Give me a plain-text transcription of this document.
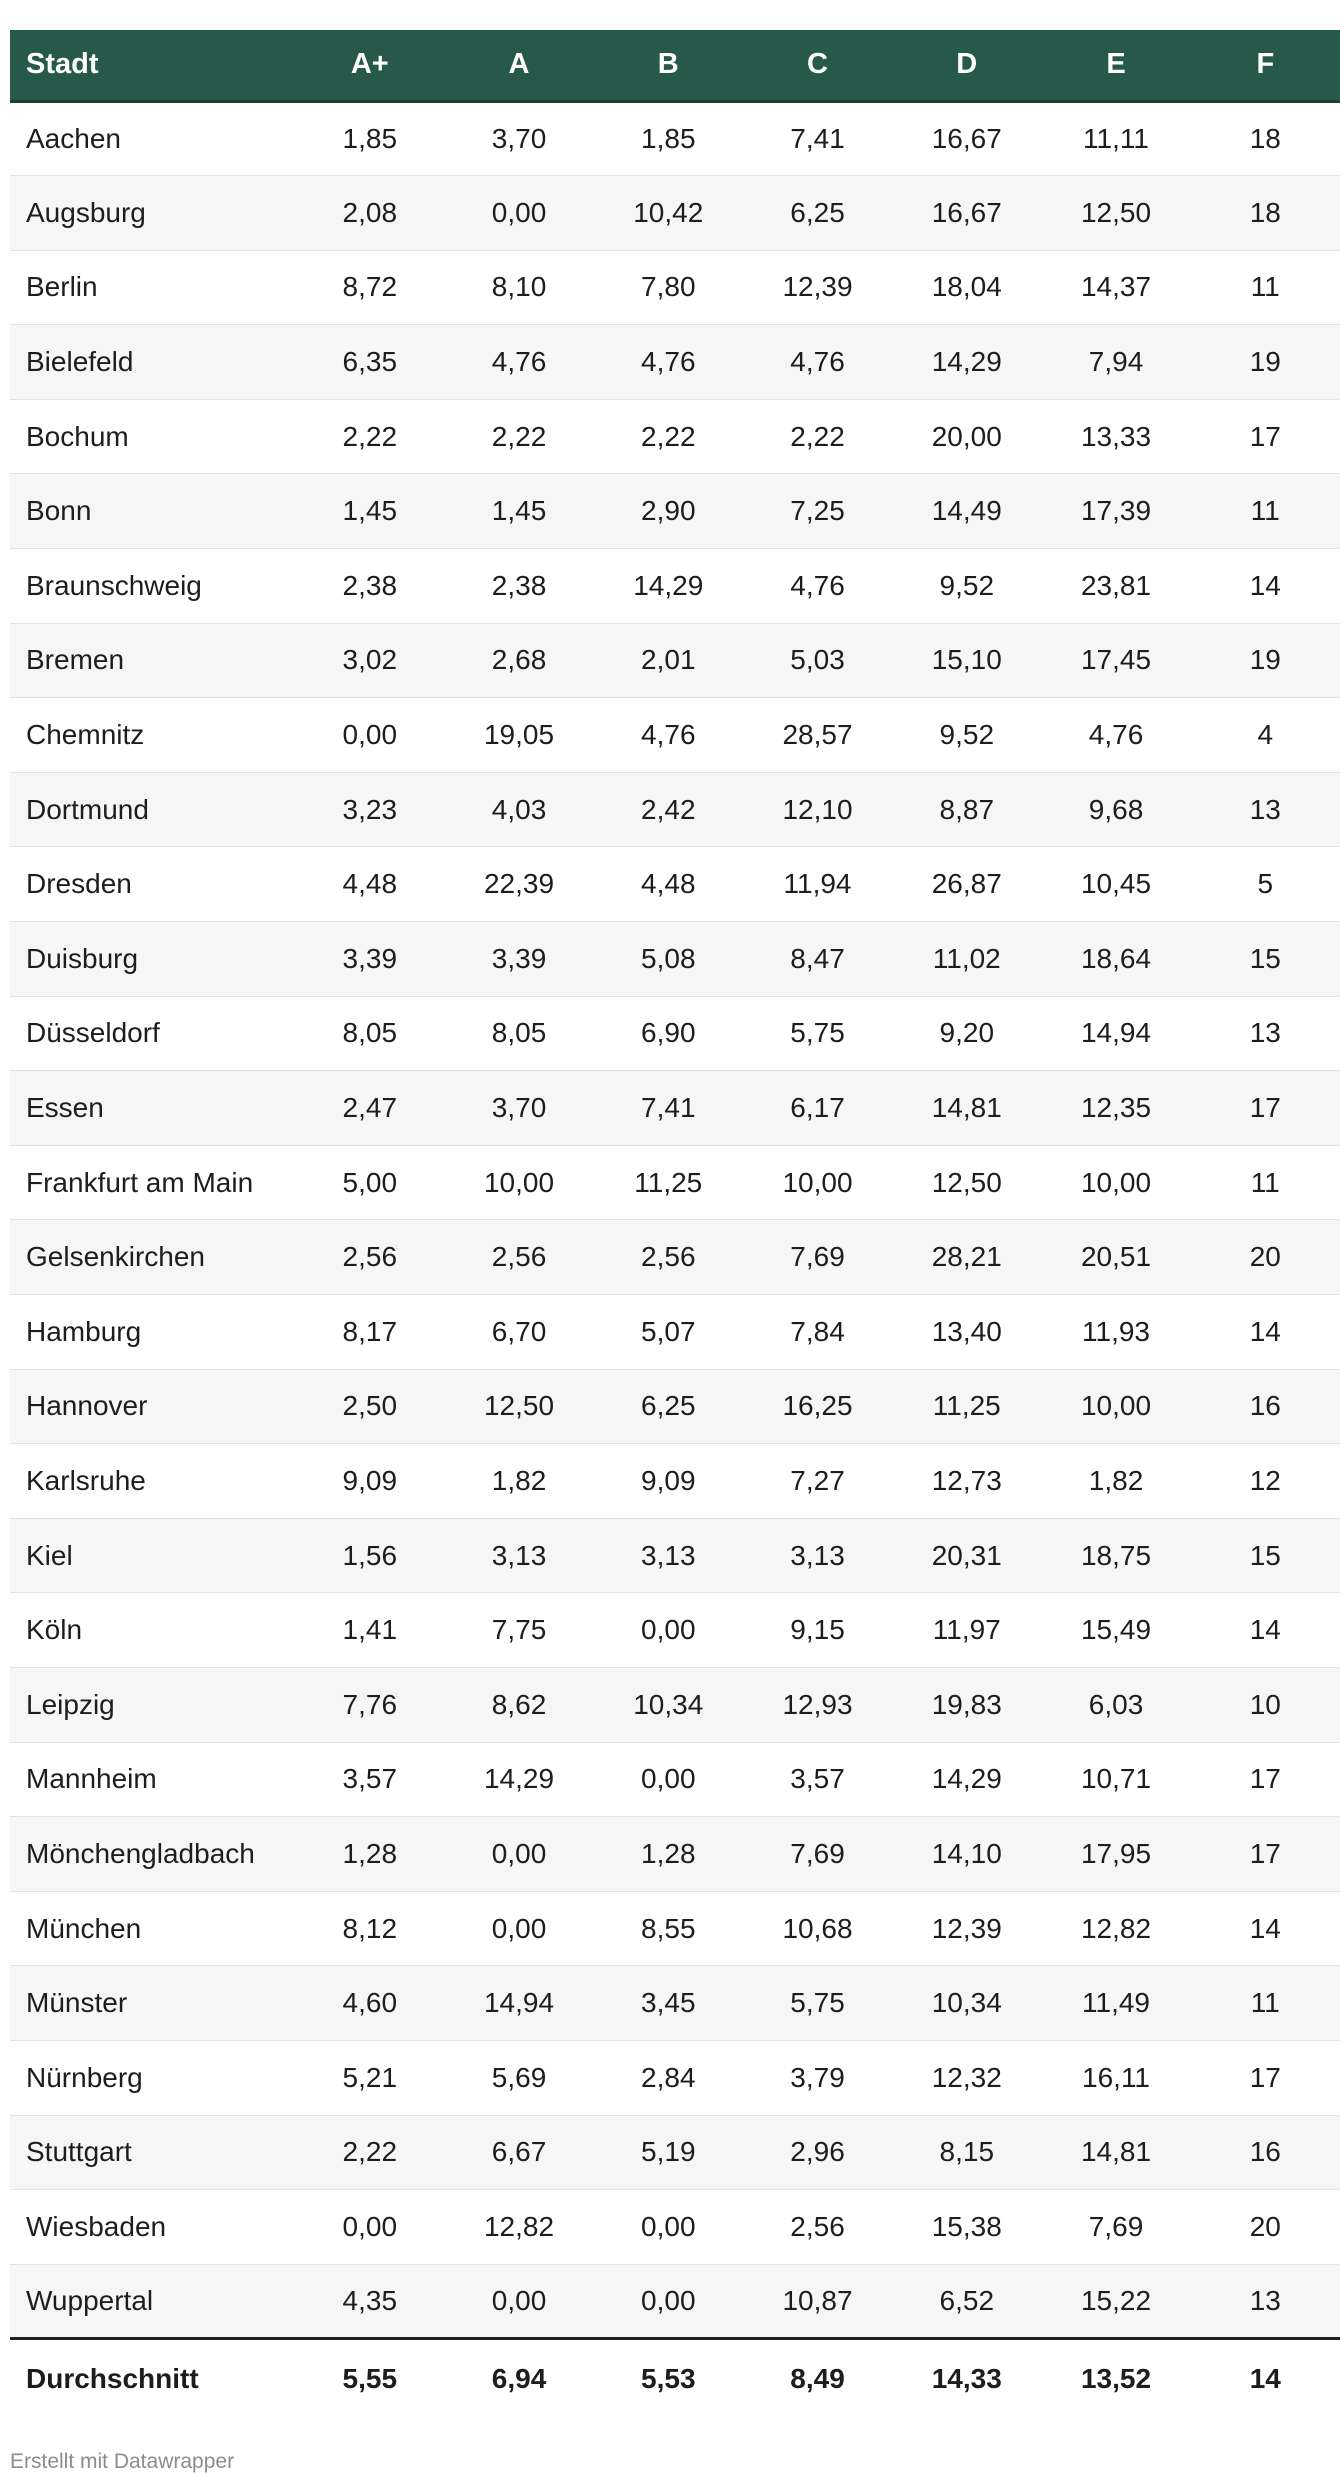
Stadt	A+	A	B	C	D	E	F
Aachen	1,85	3,70	1,85	7,41	16,67	11,11	18
Augsburg	2,08	0,00	10,42	6,25	16,67	12,50	18
Berlin	8,72	8,10	7,80	12,39	18,04	14,37	11
Bielefeld	6,35	4,76	4,76	4,76	14,29	7,94	19
Bochum	2,22	2,22	2,22	2,22	20,00	13,33	17
Bonn	1,45	1,45	2,90	7,25	14,49	17,39	11
Braunschweig	2,38	2,38	14,29	4,76	9,52	23,81	14
Bremen	3,02	2,68	2,01	5,03	15,10	17,45	19
Chemnitz	0,00	19,05	4,76	28,57	9,52	4,76	4
Dortmund	3,23	4,03	2,42	12,10	8,87	9,68	13
Dresden	4,48	22,39	4,48	11,94	26,87	10,45	5
Duisburg	3,39	3,39	5,08	8,47	11,02	18,64	15
Düsseldorf	8,05	8,05	6,90	5,75	9,20	14,94	13
Essen	2,47	3,70	7,41	6,17	14,81	12,35	17
Frankfurt am Main	5,00	10,00	11,25	10,00	12,50	10,00	11
Gelsenkirchen	2,56	2,56	2,56	7,69	28,21	20,51	20
Hamburg	8,17	6,70	5,07	7,84	13,40	11,93	14
Hannover	2,50	12,50	6,25	16,25	11,25	10,00	16
Karlsruhe	9,09	1,82	9,09	7,27	12,73	1,82	12
Kiel	1,56	3,13	3,13	3,13	20,31	18,75	15
Köln	1,41	7,75	0,00	9,15	11,97	15,49	14
Leipzig	7,76	8,62	10,34	12,93	19,83	6,03	10
Mannheim	3,57	14,29	0,00	3,57	14,29	10,71	17
Mönchengladbach	1,28	0,00	1,28	7,69	14,10	17,95	17
München	8,12	0,00	8,55	10,68	12,39	12,82	14
Münster	4,60	14,94	3,45	5,75	10,34	11,49	11
Nürnberg	5,21	5,69	2,84	3,79	12,32	16,11	17
Stuttgart	2,22	6,67	5,19	2,96	8,15	14,81	16
Wiesbaden	0,00	12,82	0,00	2,56	15,38	7,69	20
Wuppertal	4,35	0,00	0,00	10,87	6,52	15,22	13
Durchschnitt	5,55	6,94	5,53	8,49	14,33	13,52	14
Erstellt mit Datawrapper
